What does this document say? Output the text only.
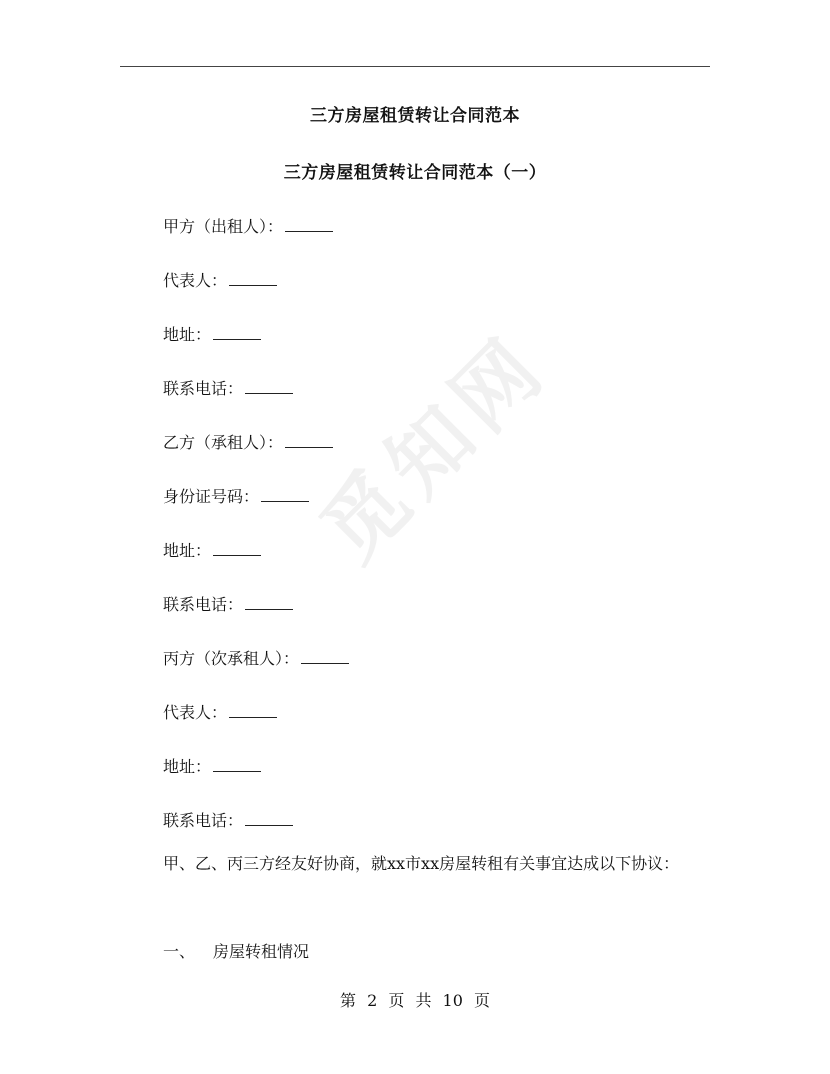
觅知网
三方房屋租赁转让合同范本
三方房屋租赁转让合同范本（一）
甲方（出租人）：
代表人：
地址：
联系电话：
乙方（承租人）：
身份证号码：
地址：
联系电话：
丙方（次承租人）：
代表人：
地址：
联系电话：
甲、乙、丙三方经友好协商，就xx市xx房屋转租有关事宜达成以下协议：
一、 房屋转租情况
第 2 页 共 10 页
